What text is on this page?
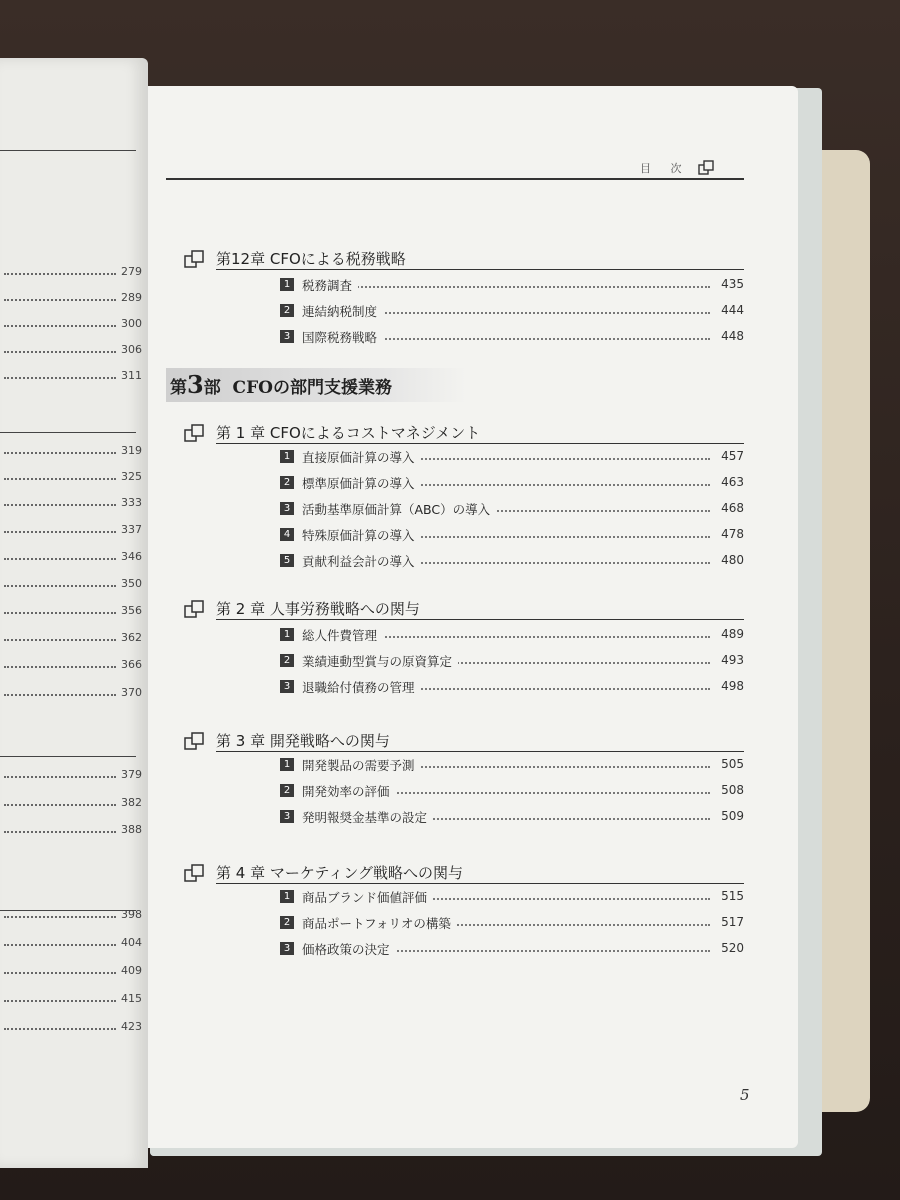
279
289
300
306
311
319
325
333
337
346
350
356
362
366
370
379
382
388
398
404
409
415
423
目 次
第12章 CFOによる税務戦略
1 税務調査	435
2 連結納税制度	444
3 国際税務戦略	448
第3部 CFOの部門支援業務
第 1 章 CFOによるコストマネジメント
1 直接原価計算の導入	457
2 標準原価計算の導入	463
3 活動基準原価計算（ABC）の導入	468
4 特殊原価計算の導入	478
5 貢献利益会計の導入	480
第 2 章 人事労務戦略への関与
1 総人件費管理	489
2 業績連動型賞与の原資算定	493
3 退職給付債務の管理	498
第 3 章 開発戦略への関与
1 開発製品の需要予測	505
2 開発効率の評価	508
3 発明報奨金基準の設定	509
第 4 章 マーケティング戦略への関与
1 商品ブランド価値評価	515
2 商品ポートフォリオの構築	517
3 価格政策の決定	520
5
